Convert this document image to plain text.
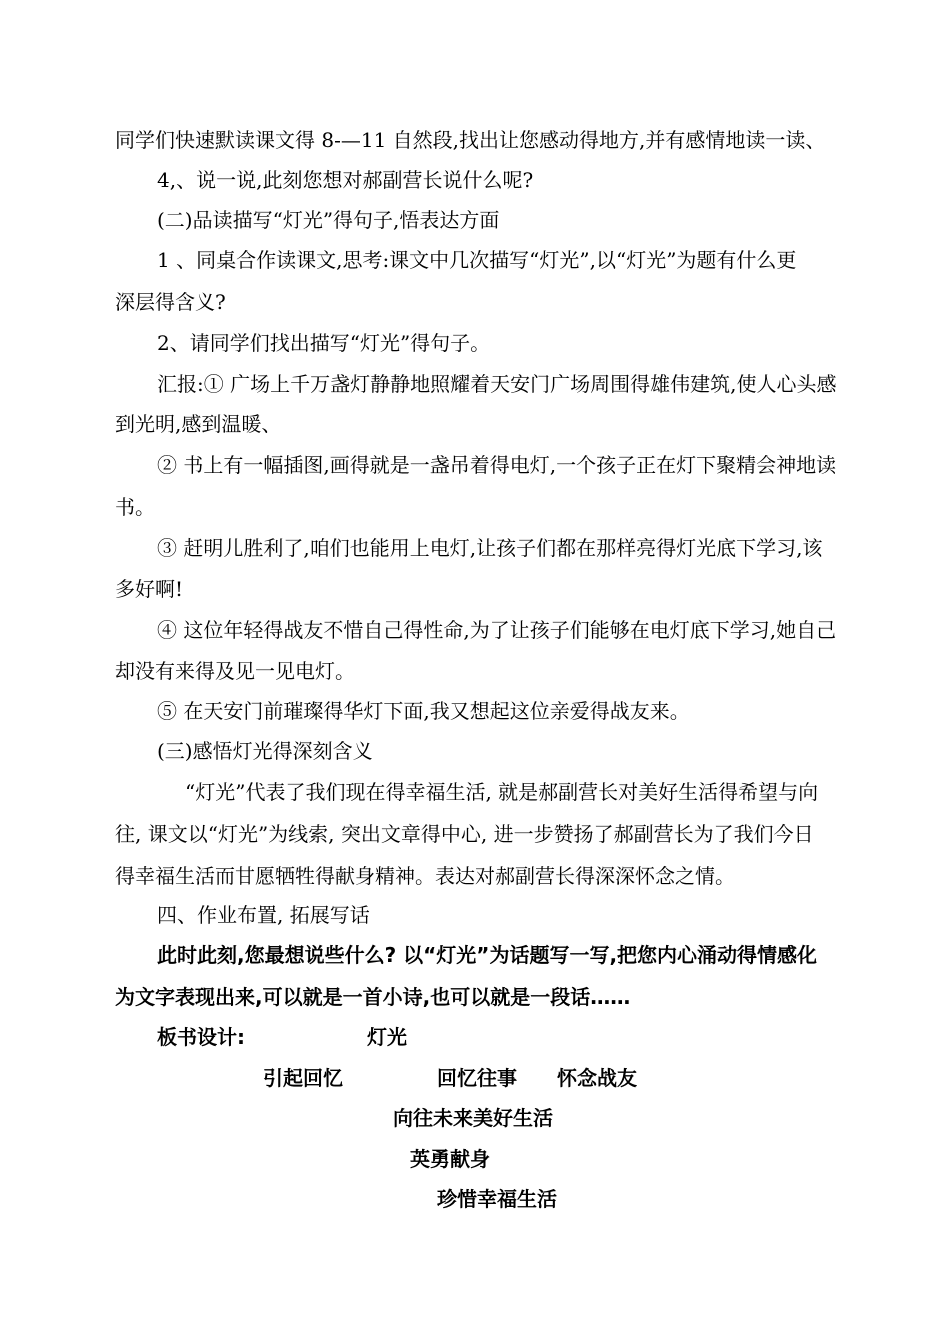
同学们快速默读课文得 8-—11 自然段,找出让您感动得地方,并有感情地读一读、
4,、说一说,此刻您想对郝副营长说什么呢?
(二)品读描写“灯光”得句子,悟表达方面
1 、同桌合作读课文,思考:课文中几次描写“灯光”,以“灯光”为题有什么更
深层得含义?
2、请同学们找出描写“灯光”得句子。
汇报:① 广场上千万盏灯静静地照耀着天安门广场周围得雄伟建筑,使人心头感
到光明,感到温暖、
② 书上有一幅插图,画得就是一盏吊着得电灯,一个孩子正在灯下聚精会神地读
书。
③ 赶明儿胜利了,咱们也能用上电灯,让孩子们都在那样亮得灯光底下学习,该
多好啊!
④ 这位年轻得战友不惜自己得性命,为了让孩子们能够在电灯底下学习,她自己
却没有来得及见一见电灯。
⑤ 在天安门前璀璨得华灯下面,我又想起这位亲爱得战友来。
(三)感悟灯光得深刻含义
“灯光”代表了我们现在得幸福生活, 就是郝副营长对美好生活得希望与向
往, 课文以“灯光”为线索, 突出文章得中心, 进一步赞扬了郝副营长为了我们今日
得幸福生活而甘愿牺牲得献身精神。表达对郝副营长得深深怀念之情。
四、作业布置, 拓展写话
此时此刻,您最想说些什么? 以“灯光”为话题写一写,把您内心涌动得情感化
为文字表现出来,可以就是一首小诗,也可以就是一段话……
板书设计:	灯光
引起回忆	回忆往事 怀念战友
向往未来美好生活
英勇献身
珍惜幸福生活
